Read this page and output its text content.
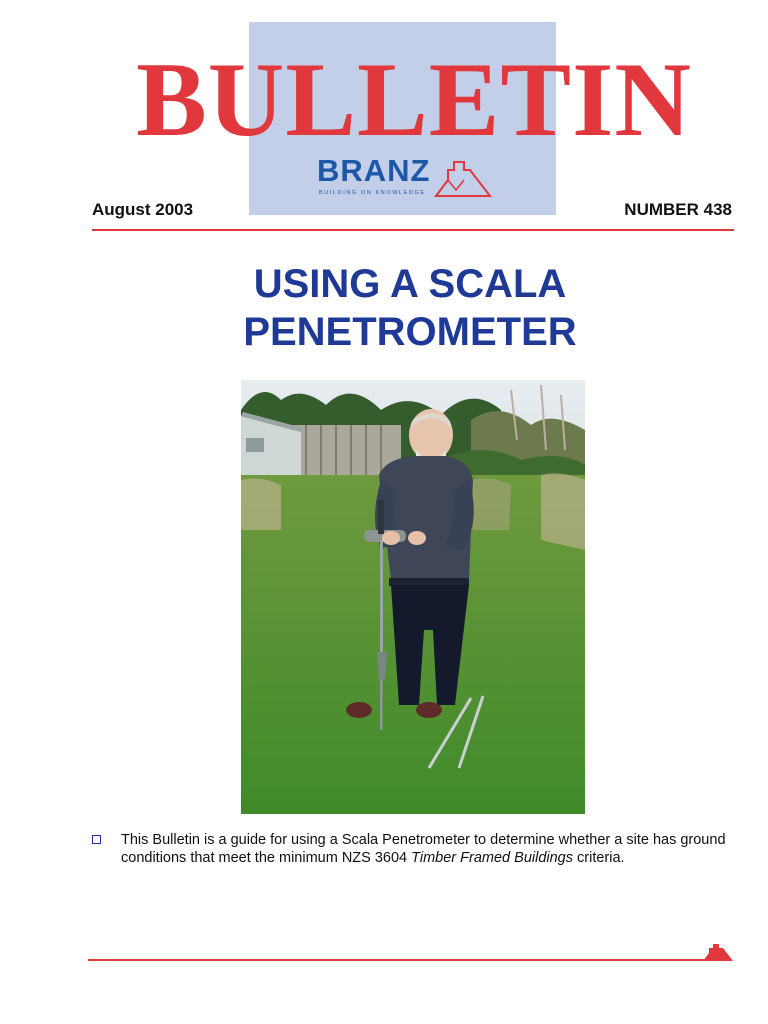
BULLETIN
BRANZ
BUILDING ON KNOWLEDGE
August 2003	NUMBER 438
USING A SCALA
PENETROMETER
This Bulletin is a guide for using a Scala Penetrometer to determine whether a site has ground conditions that meet the minimum NZS 3604 Timber Framed Buildings criteria.
